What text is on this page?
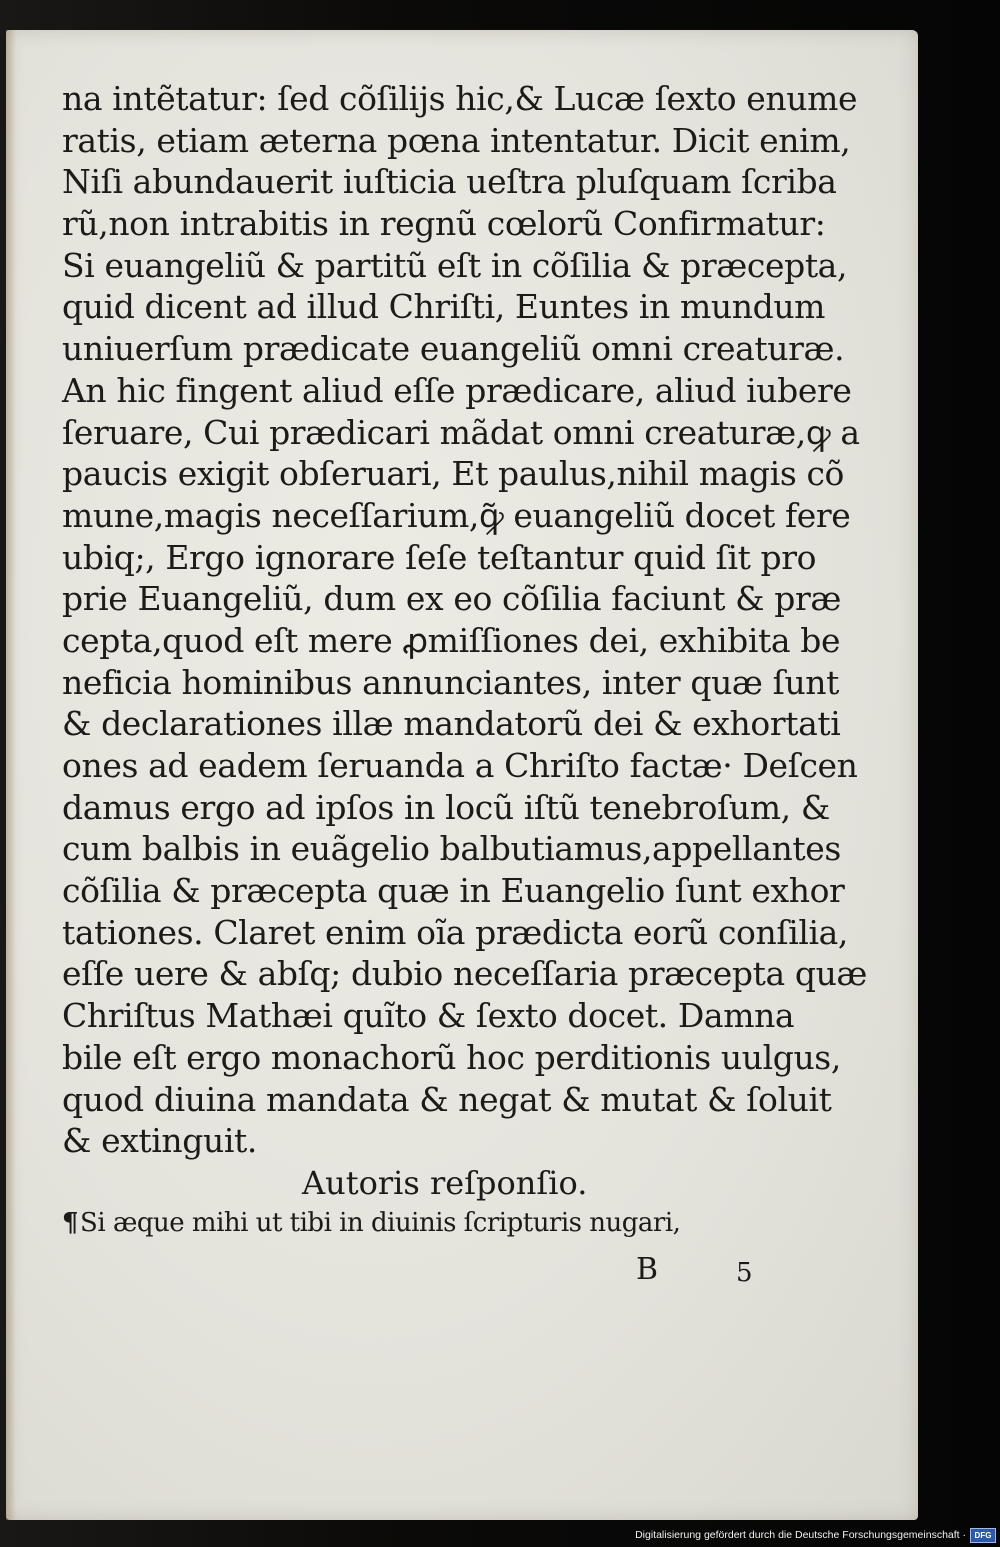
na intẽtatur: ſed cõſilijs hic,& Lucæ ſexto enume
ratis, etiam æterna pœna intentatur. Dicit enim,
Niſi abundauerit iuſticia ueſtra pluſquam ſcriba
rũ,non intrabitis in regnũ cœlorũ Confirmatur:
Si euangeliũ & partitũ eſt in cõſilia & præcepta,
quid dicent ad illud Chriſti, Euntes in mundum
uniuerſum prædicate euangeliũ omni creaturæ.
An hic fingent aliud eſſe prædicare, aliud iubere
ſeruare, Cui prædicari mãdat omni creaturæ,ꝙ a
paucis exigit obſeruari, Et paulus,nihil magis cõ
mune,magis neceſſarium,ꝙ̃ euangeliũ docet fere
ubiq;, Ergo ignorare ſeſe teſtantur quid ſit pro
prie Euangeliũ, dum ex eo cõſilia faciunt & præ
cepta,quod eſt mere ꝓmiſſiones dei, exhibita be
neficia hominibus annunciantes, inter quæ ſunt
& declarationes illæ mandatorũ dei & exhortati
ones ad eadem ſeruanda a Chriſto factæ· Deſcen
damus ergo ad ipſos in locũ iſtũ tenebroſum, &
cum balbis in euãgelio balbutiamus,appellantes
cõſilia & præcepta quæ in Euangelio ſunt exhor
tationes. Claret enim oĩa prædicta eorũ conſilia,
eſſe uere & abſq; dubio neceſſaria præcepta quæ
Chriſtus Mathæi quĩto & ſexto docet. Damna
bile eſt ergo monachorũ hoc perditionis uulgus,
quod diuina mandata & negat & mutat & ſoluit
& extinguit.
Autoris reſponſio.
¶Si æque mihi ut tibi in diuinis ſcripturis nugari,
B	5
Digitalisierung gefördert durch die Deutsche Forschungsgemeinschaft ·	DFG
